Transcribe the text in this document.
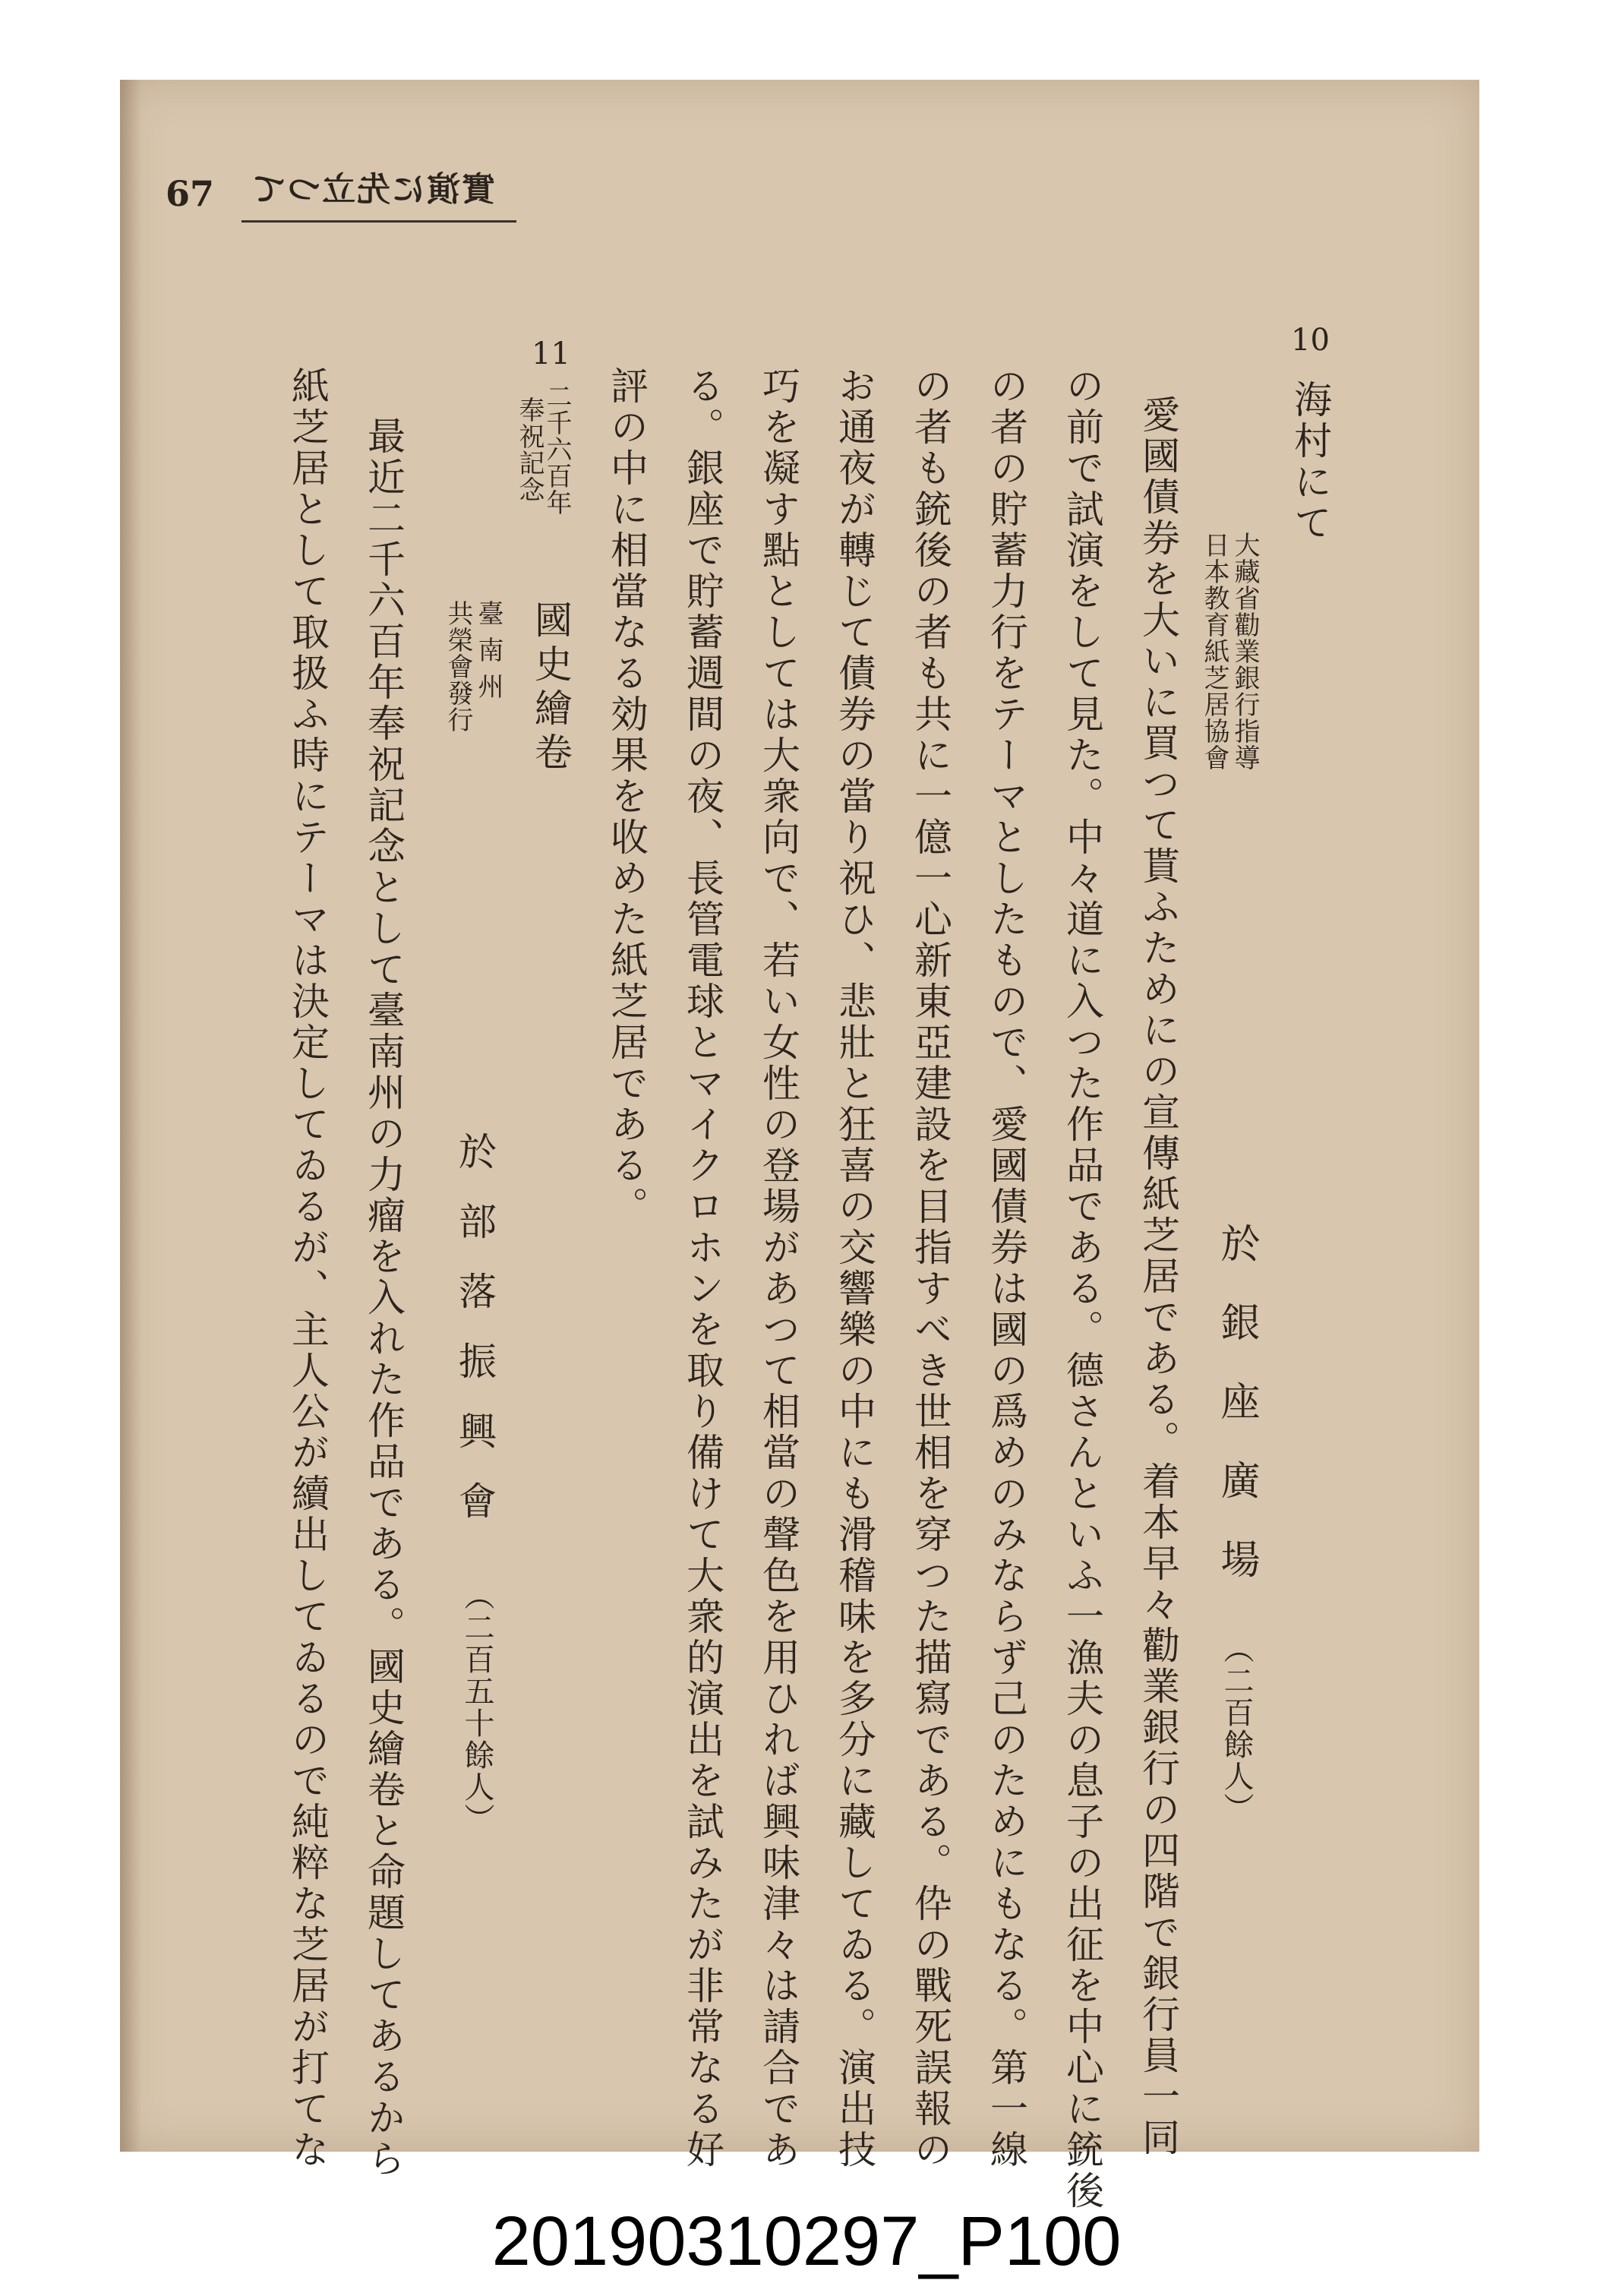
67 實演に先立つて
10
海村にて
大藏省勸業銀行指導
日本教育紙芝居協會
於銀座廣場
（二百餘人）
愛國債券を大いに買つて貰ふためにの宣傳紙芝居である。着本早々勸業銀行の四階で銀行員一同
の前で試演をして見た。中々道に入つた作品である。德さんといふ一漁夫の息子の出征を中心に銃後
の者の貯蓄力行をテーマとしたもので、愛國債券は國の爲めのみならず己のためにもなる。第一線
の者も銃後の者も共に一億一心新東亞建設を目指すべき世相を穿つた描寫である。伜の戰死誤報の
お通夜が轉じて債券の當り祝ひ、悲壯と狂喜の交響樂の中にも滑稽味を多分に藏してゐる。演出技
巧を凝す點としては大衆向で、若い女性の登場があつて相當の聲色を用ひれば興味津々は請合であ
る。銀座で貯蓄週間の夜、長管電球とマイクロホンを取り備けて大衆的演出を試みたが非常なる好
評の中に相當なる効果を收めた紙芝居である。
11
二千六百年
奉祝記念
國史繪卷
臺南州
共榮會發行
於部落振興會
（二百五十餘人）
最近二千六百年奉祝記念として臺南州の力瘤を入れた作品である。國史繪卷と命題してあるから
紙芝居として取扱ふ時にテーマは決定してゐるが、主人公が續出してゐるので純粹な芝居が打てな
20190310297_P100
